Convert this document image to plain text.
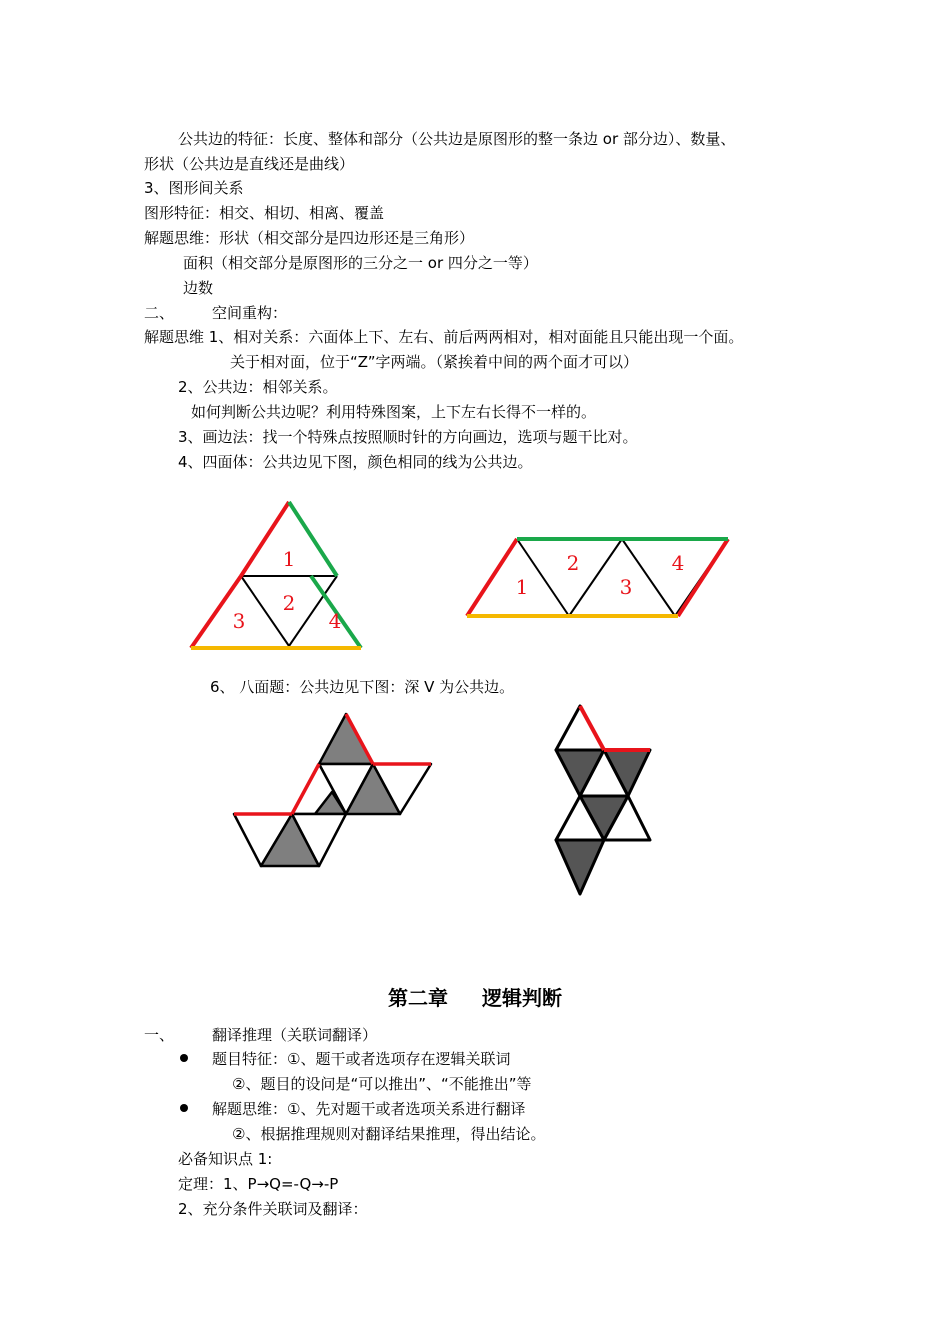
公共边的特征：长度、整体和部分（公共边是原图形的整一条边 or 部分边）、数量、
形状（公共边是直线还是曲线）
3、图形间关系
图形特征：相交、相切、相离、覆盖
解题思维：形状（相交部分是四边形还是三角形）
面积（相交部分是原图形的三分之一 or 四分之一等）
边数
二、	空间重构：
解题思维 1、相对关系：六面体上下、左右、前后两两相对，相对面能且只能出现一个面。
关于相对面，位于“Z”字两端。（紧挨着中间的两个面才可以）
2、公共边：相邻关系。
如何判断公共边呢？利用特殊图案，上下左右长得不一样的。
3、画边法：找一个特殊点按照顺时针的方向画边，选项与题干比对。
4、四面体：公共边见下图，颜色相同的线为公共边。
1
2
3	4
1
2
3
4
6、 八面题：公共边见下图：深 V 为公共边。
第二章 逻辑判断
一、	翻译推理（关联词翻译）
题目特征：①、题干或者选项存在逻辑关联词
②、题目的设问是“可以推出”、“不能推出”等
解题思维：①、先对题干或者选项关系进行翻译
②、根据推理规则对翻译结果推理，得出结论。
必备知识点 1:
定理：1、P→Q=-Q→-P
2、充分条件关联词及翻译：
